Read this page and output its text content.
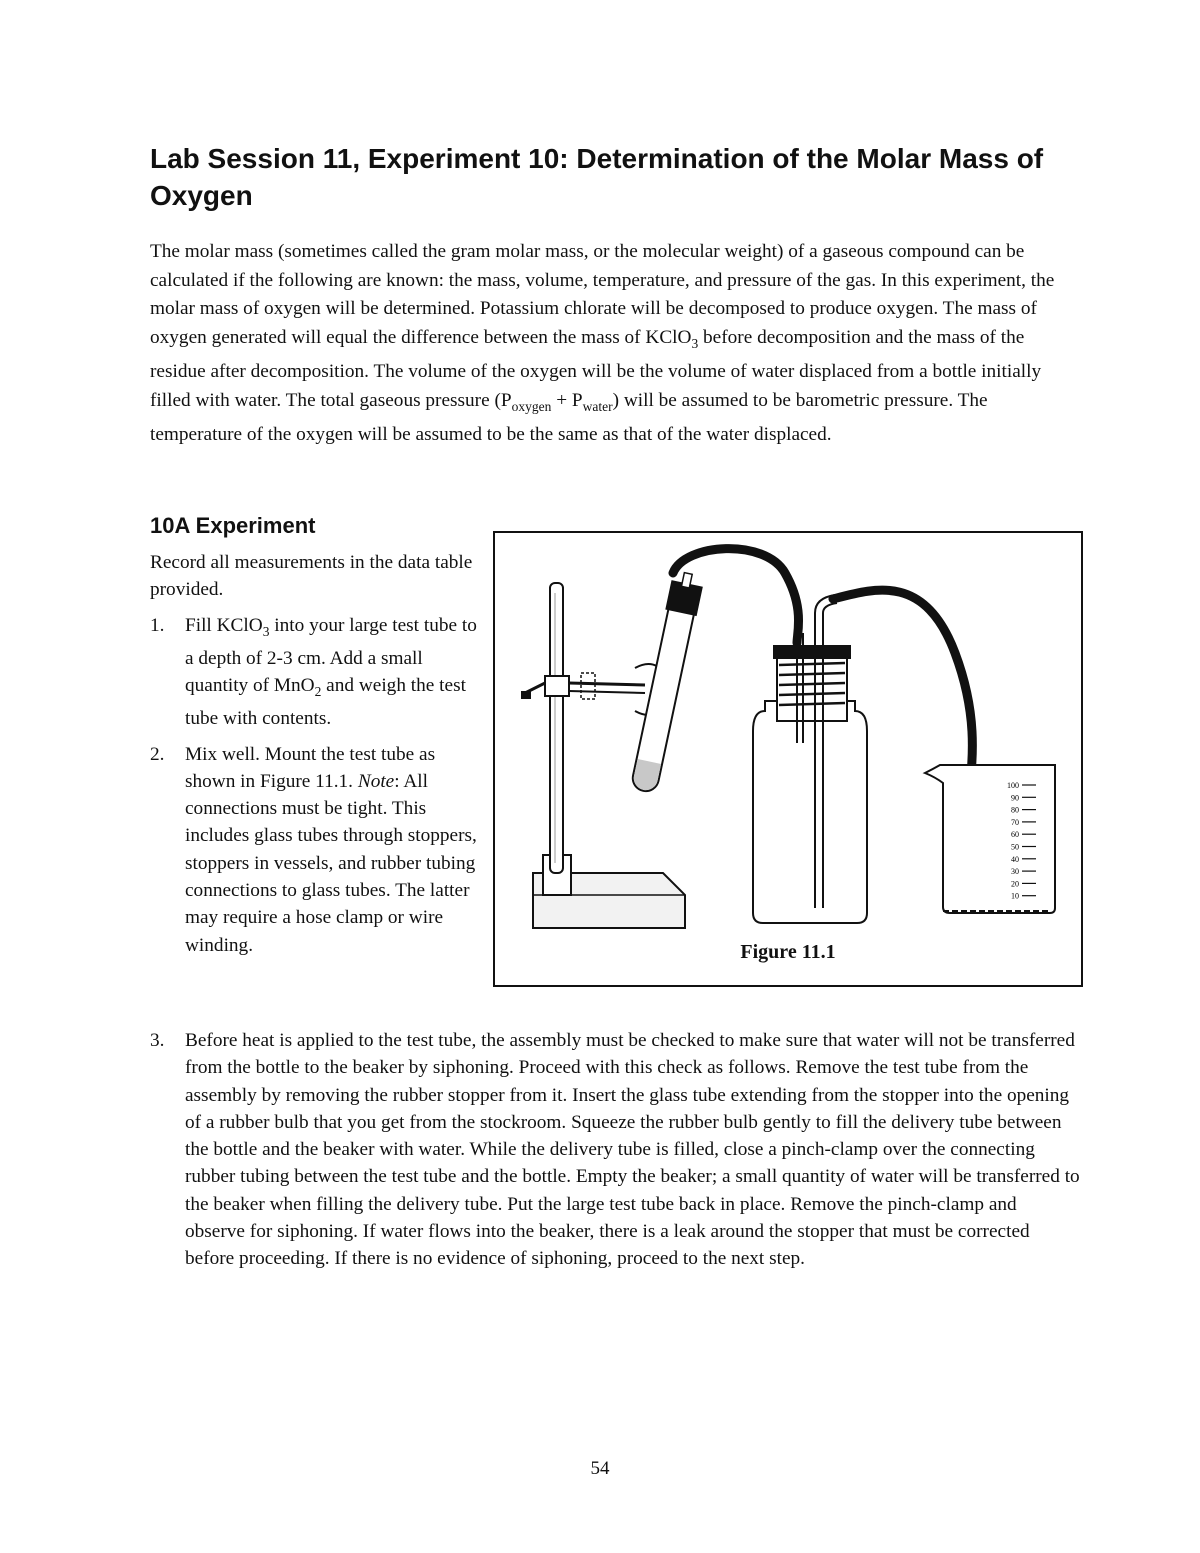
Lab Session 11, Experiment 10: Determination of the Molar Mass of Oxygen

The molar mass (sometimes called the gram molar mass, or the molecular weight) of a gaseous compound can be calculated if the following are known: the mass, volume, temperature, and pressure of the gas. In this experiment, the molar mass of oxygen will be determined. Potassium chlorate will be decomposed to produce oxygen. The mass of oxygen generated will equal the difference between the mass of KClO$_3$ before decomposition and the mass of the residue after decomposition. The volume of the oxygen will be the volume of water displaced from a bottle initially filled with water. The total gaseous pressure $(P_{oxygen} + P_{water})$ will be assumed to be barometric pressure. The temperature of the oxygen will be assumed to be the same as that of the water displaced.

10A Experiment

Record all measurements in the data table provided.

1. Fill KClO$_3$ into your large test tube to a depth of 2-3 cm. Add a small quantity of MnO$_2$ and weigh the test tube with contents.
2. Mix well. Mount the test tube as shown in Figure 11.1. Note: All connections must be tight. This includes glass tubes through stoppers, stoppers in vessels, and rubber tubing connections to glass tubes. The latter may require a hose clamp or wire winding.
100
90
80
70
60
50
40
30
20
10
Figure 11.1
3. Before heat is applied to the test tube, the assembly must be checked to make sure that water will not be transferred from the bottle to the beaker by siphoning. Proceed with this check as follows. Remove the test tube from the assembly by removing the rubber stopper from it. Insert the glass tube extending from the stopper into the opening of a rubber bulb that you get from the stockroom. Squeeze the rubber bulb gently to fill the delivery tube between the bottle and the beaker with water. While the delivery tube is filled, close a pinch-clamp over the connecting rubber tubing between the test tube and the bottle. Empty the beaker; a small quantity of water will be transferred to the beaker when filling the delivery tube. Put the large test tube back in place. Remove the pinch-clamp and observe for siphoning. If water flows into the beaker, there is a leak around the stopper that must be corrected before proceeding. If there is no evidence of siphoning, proceed to the next step.
54
